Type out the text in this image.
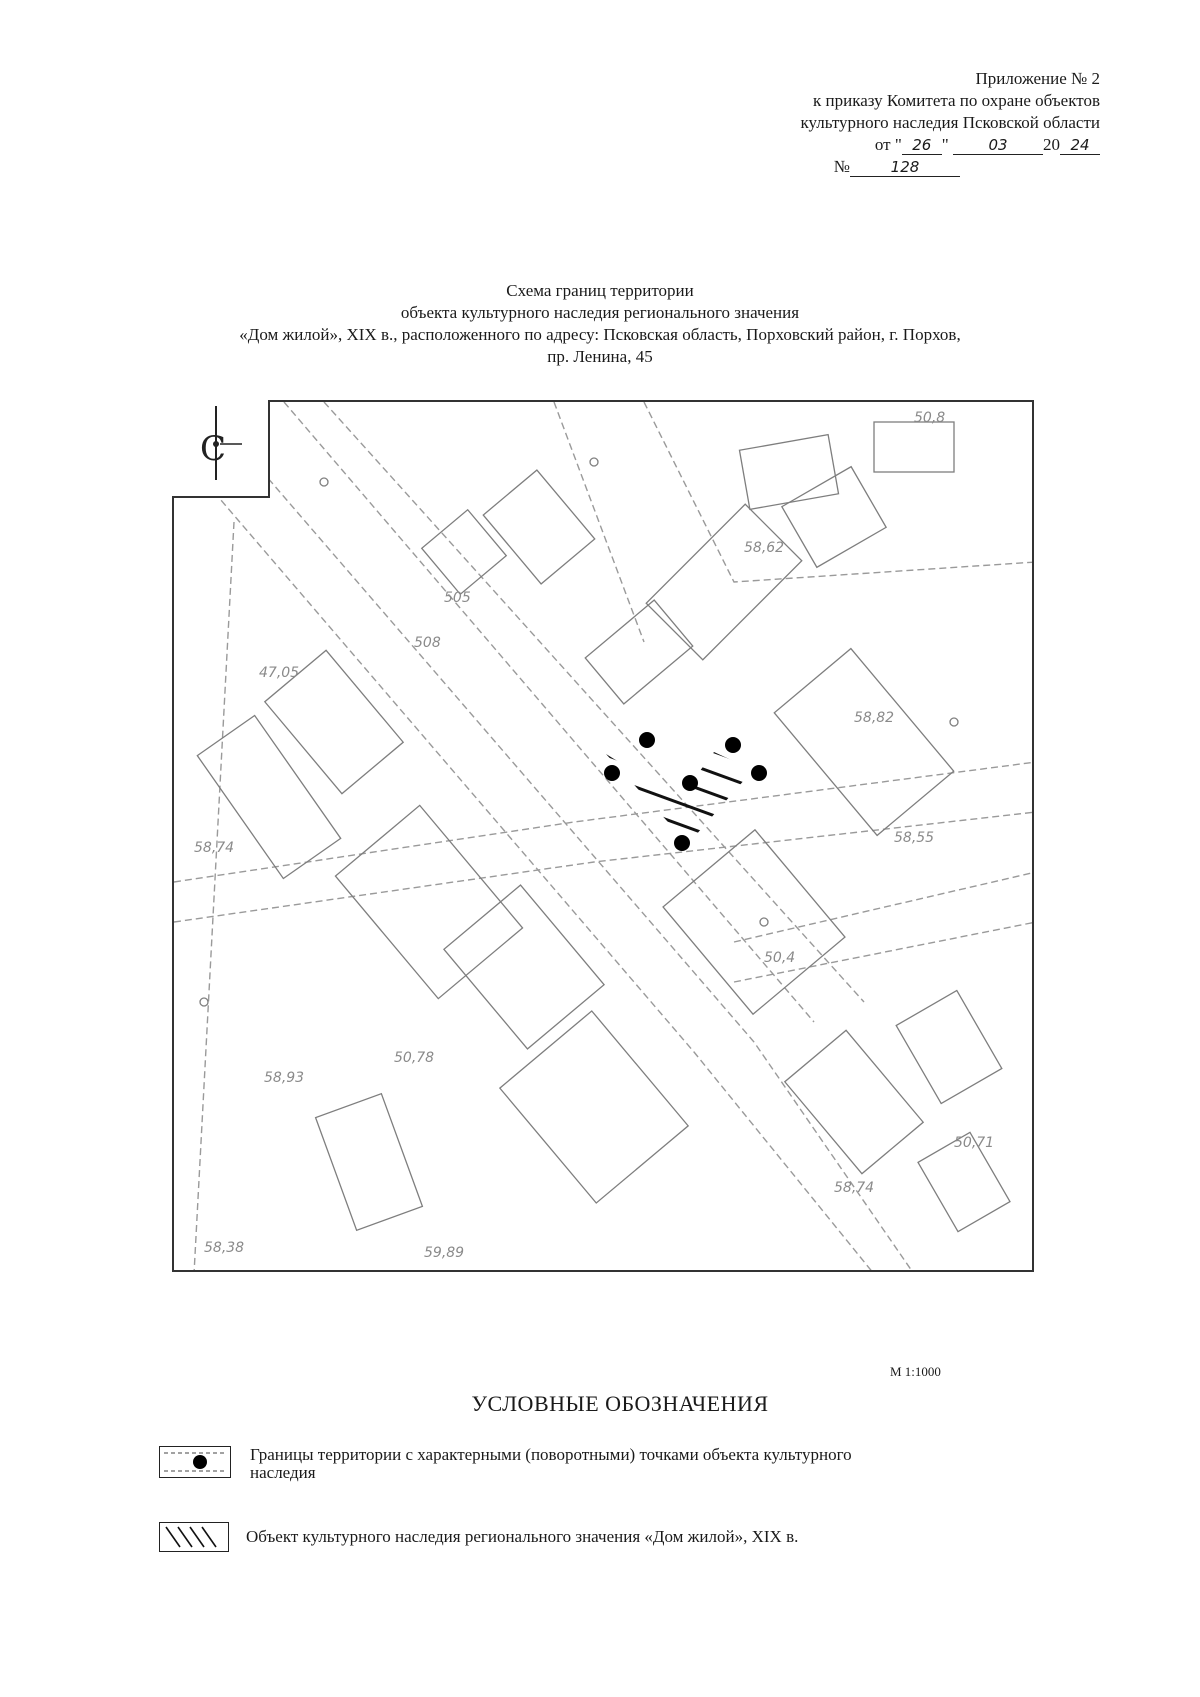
Приложение № 2
к приказу Комитета по охране объектов
культурного наследия Псковской области
от " 26 "	03 20 24
№	128
Схема границ территории
объекта культурного наследия регионального значения
«Дом жилой», XIX в., расположенного по адресу: Псковская область, Порховский район, г. Порхов,
пр. Ленина, 45
50,8
505
508
47,05
58,62
58,82
58,55
58,74
58,93
50,78
59,89
50,71
58,74
58,38
50,4
С
М 1:1000
УСЛОВНЫЕ ОБОЗНАЧЕНИЯ
Границы территории с характерными (поворотными) точками объекта культурного
наследия
Объект культурного наследия регионального значения «Дом жилой», XIX в.
